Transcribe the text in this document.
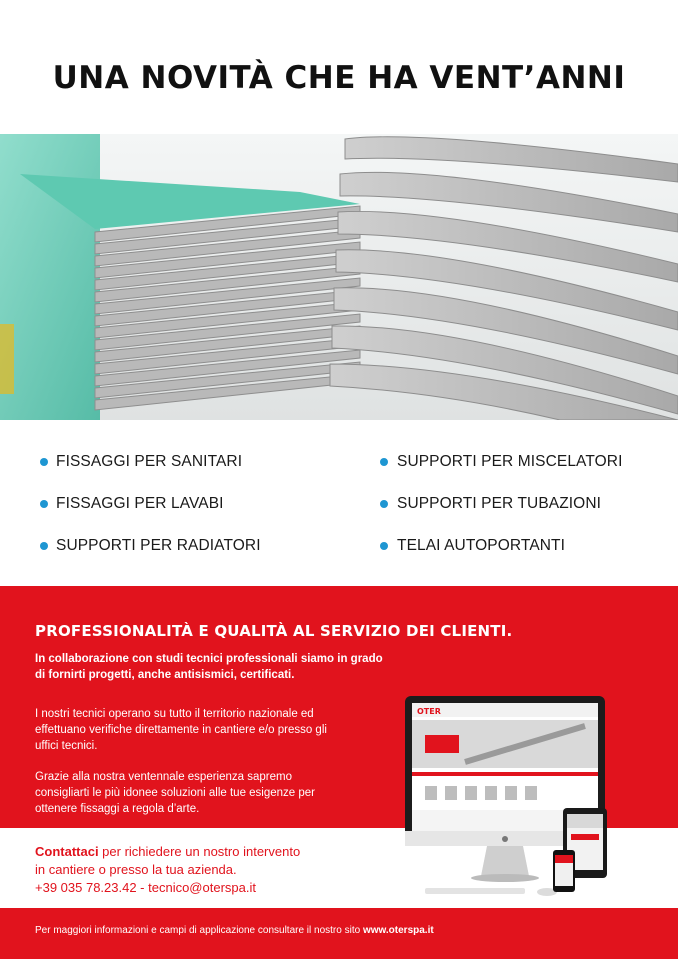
UNA NOVITÀ CHE HA VENT’ANNI
FISSAGGI PER SANITARI
FISSAGGI PER LAVABI
SUPPORTI PER RADIATORI
SUPPORTI PER MISCELATORI
SUPPORTI PER TUBAZIONI
TELAI AUTOPORTANTI
PROFESSIONALITÀ E QUALITÀ AL SERVIZIO DEI CLIENTI.
In collaborazione con studi tecnici professionali siamo in grado
di fornirti progetti, anche antisismici, certificati.
I nostri tecnici operano su tutto il territorio nazionale ed
effettuano verifiche direttamente in cantiere e/o presso gli
uffici tecnici.
Grazie alla nostra ventennale esperienza sapremo
consigliarti le più idonee soluzioni alle tue esigenze per
ottenere fissaggi a regola d’arte.
Contattaci per richiedere un nostro intervento
in cantiere o presso la tua azienda.
+39 035 78.23.42 - tecnico@oterspa.it
OTER
Per maggiori informazioni e campi di applicazione consultare il nostro sito www.oterspa.it
